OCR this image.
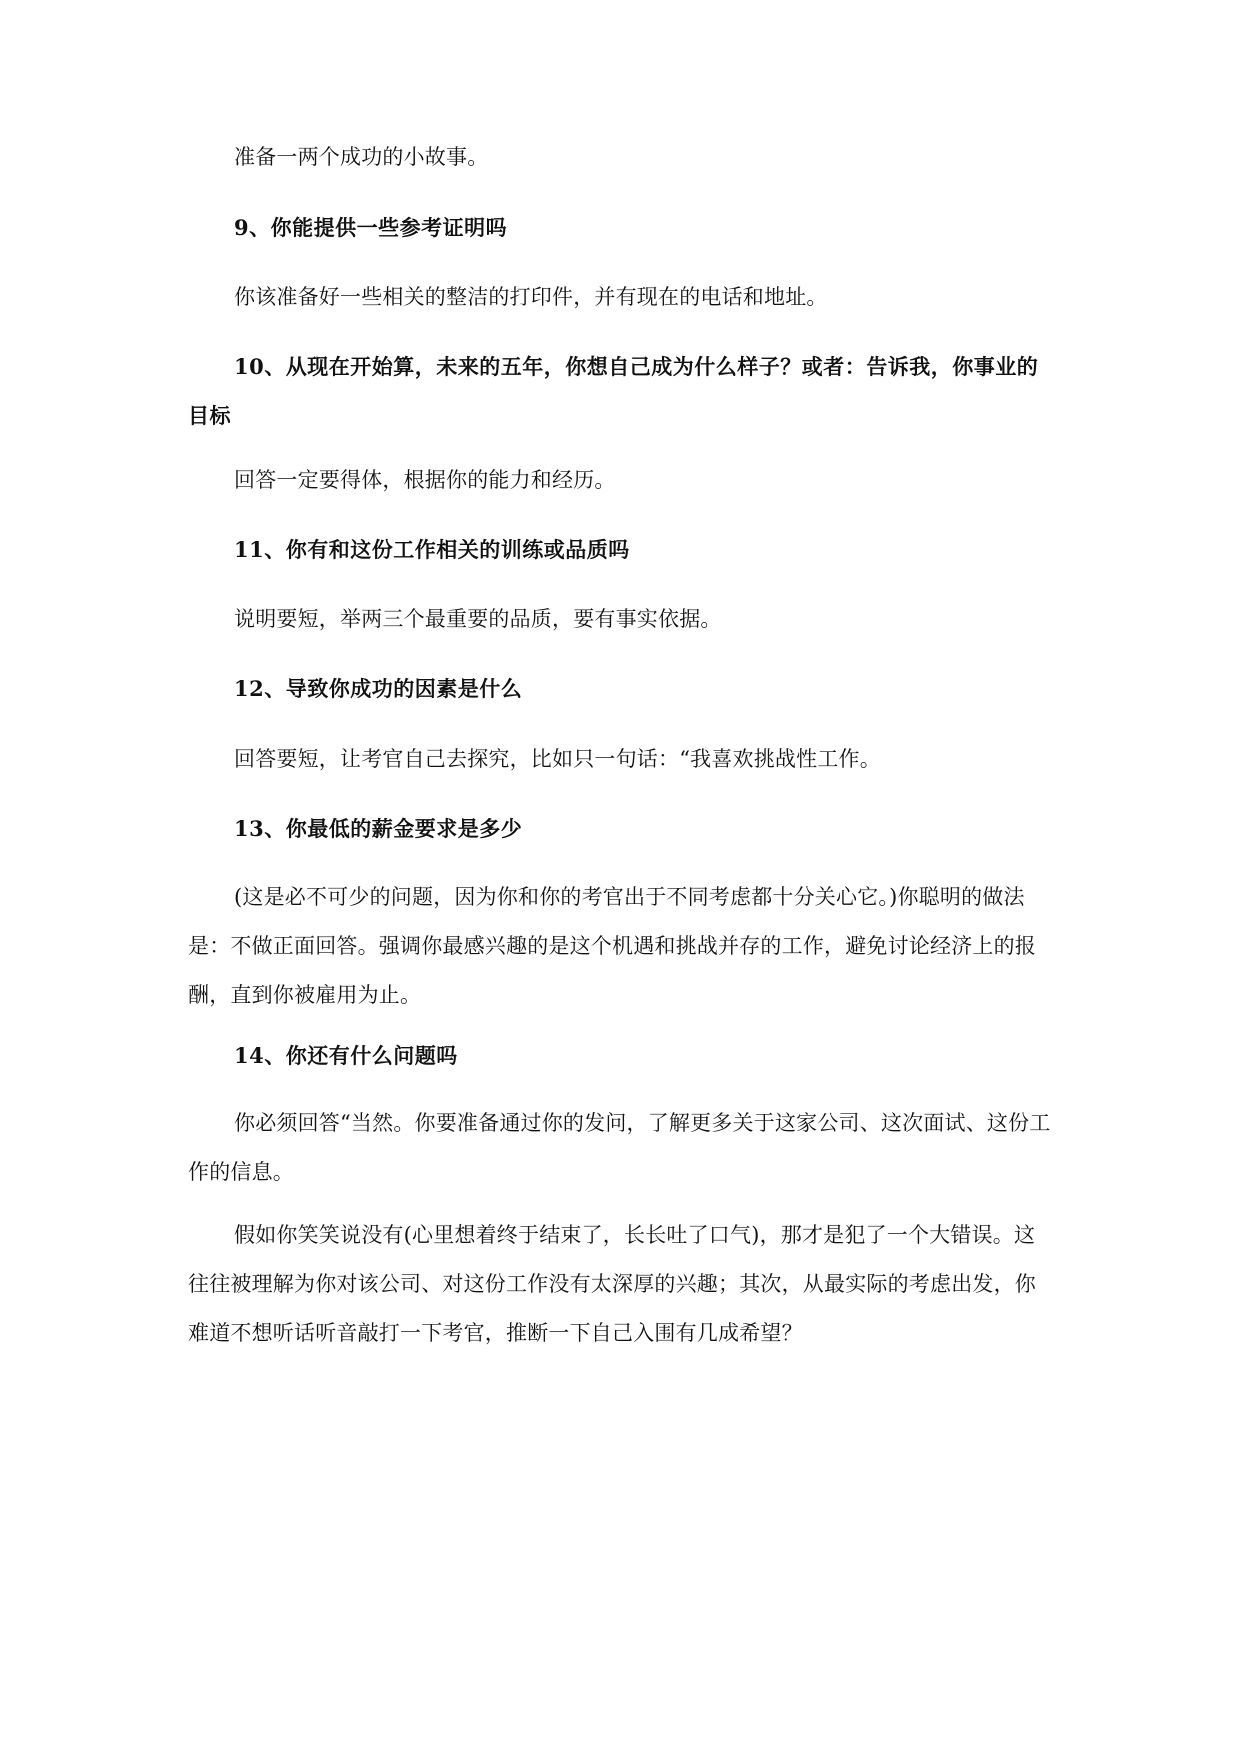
准备一两个成功的小故事。

9、你能提供一些参考证明吗

你该准备好一些相关的整洁的打印件，并有现在的电话和地址。

10、从现在开始算，未来的五年，你想自己成为什么样子？或者：告诉我，你事业的目标

回答一定要得体，根据你的能力和经历。

11、你有和这份工作相关的训练或品质吗

说明要短，举两三个最重要的品质，要有事实依据。

12、导致你成功的因素是什么

回答要短，让考官自己去探究，比如只一句话：“我喜欢挑战性工作。

13、你最低的薪金要求是多少

(这是必不可少的问题，因为你和你的考官出于不同考虑都十分关心它。)你聪明的做法是：不做正面回答。强调你最感兴趣的是这个机遇和挑战并存的工作，避免讨论经济上的报酬，直到你被雇用为止。

14、你还有什么问题吗

你必须回答“当然。你要准备通过你的发问，了解更多关于这家公司、这次面试、这份工作的信息。

假如你笑笑说没有(心里想着终于结束了，长长吐了口气)，那才是犯了一个大错误。这往往被理解为你对该公司、对这份工作没有太深厚的兴趣；其次，从最实际的考虑出发，你难道不想听话听音敲打一下考官，推断一下自己入围有几成希望？
